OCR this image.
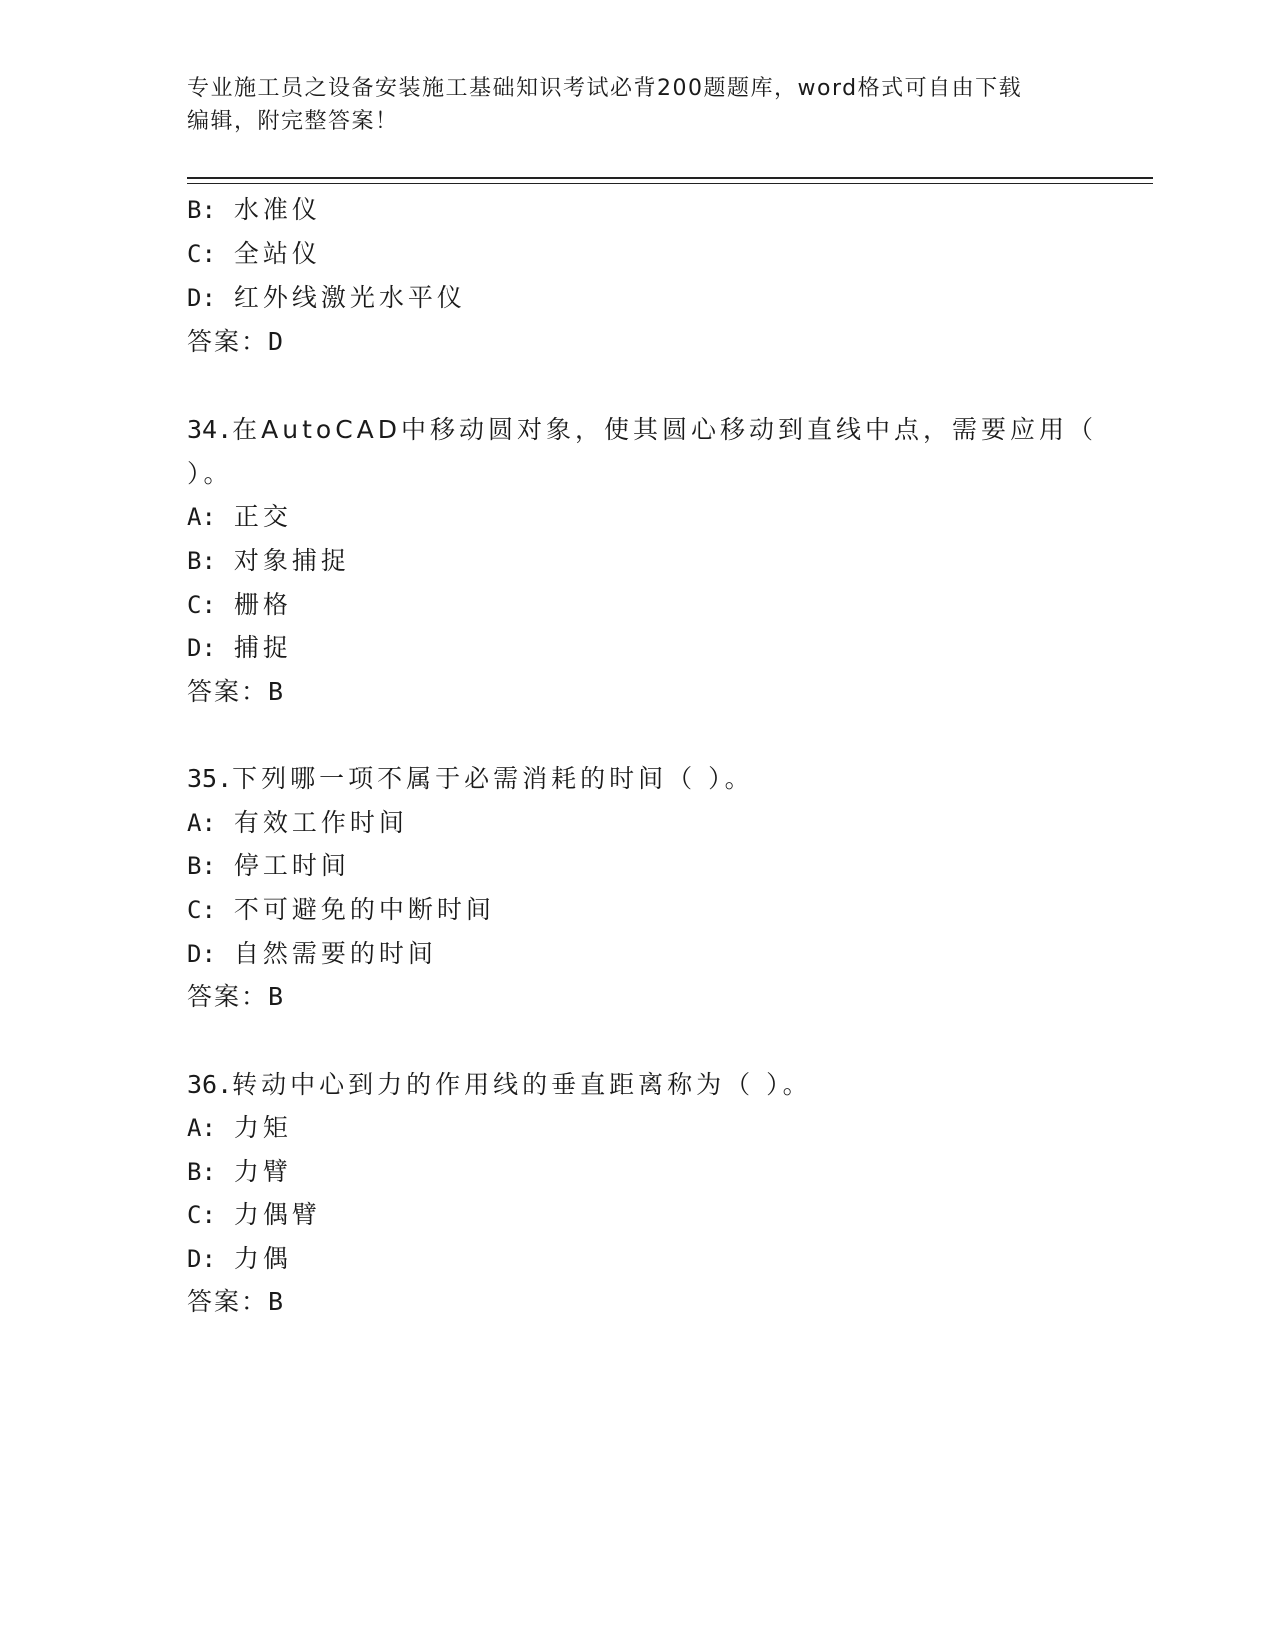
专业施工员之设备安装施工基础知识考试必背200题题库，word格式可自由下载
编辑，附完整答案！
B: 水准仪
C: 全站仪
D: 红外线激光水平仪
答案：D
34.在AutoCAD中移动圆对象，使其圆心移动到直线中点，需要应用（
）。
A: 正交
B: 对象捕捉
C: 栅格
D: 捕捉
答案：B
35.下列哪一项不属于必需消耗的时间（ ）。
A: 有效工作时间
B: 停工时间
C: 不可避免的中断时间
D: 自然需要的时间
答案：B
36.转动中心到力的作用线的垂直距离称为（ ）。
A: 力矩
B: 力臂
C: 力偶臂
D: 力偶
答案：B
